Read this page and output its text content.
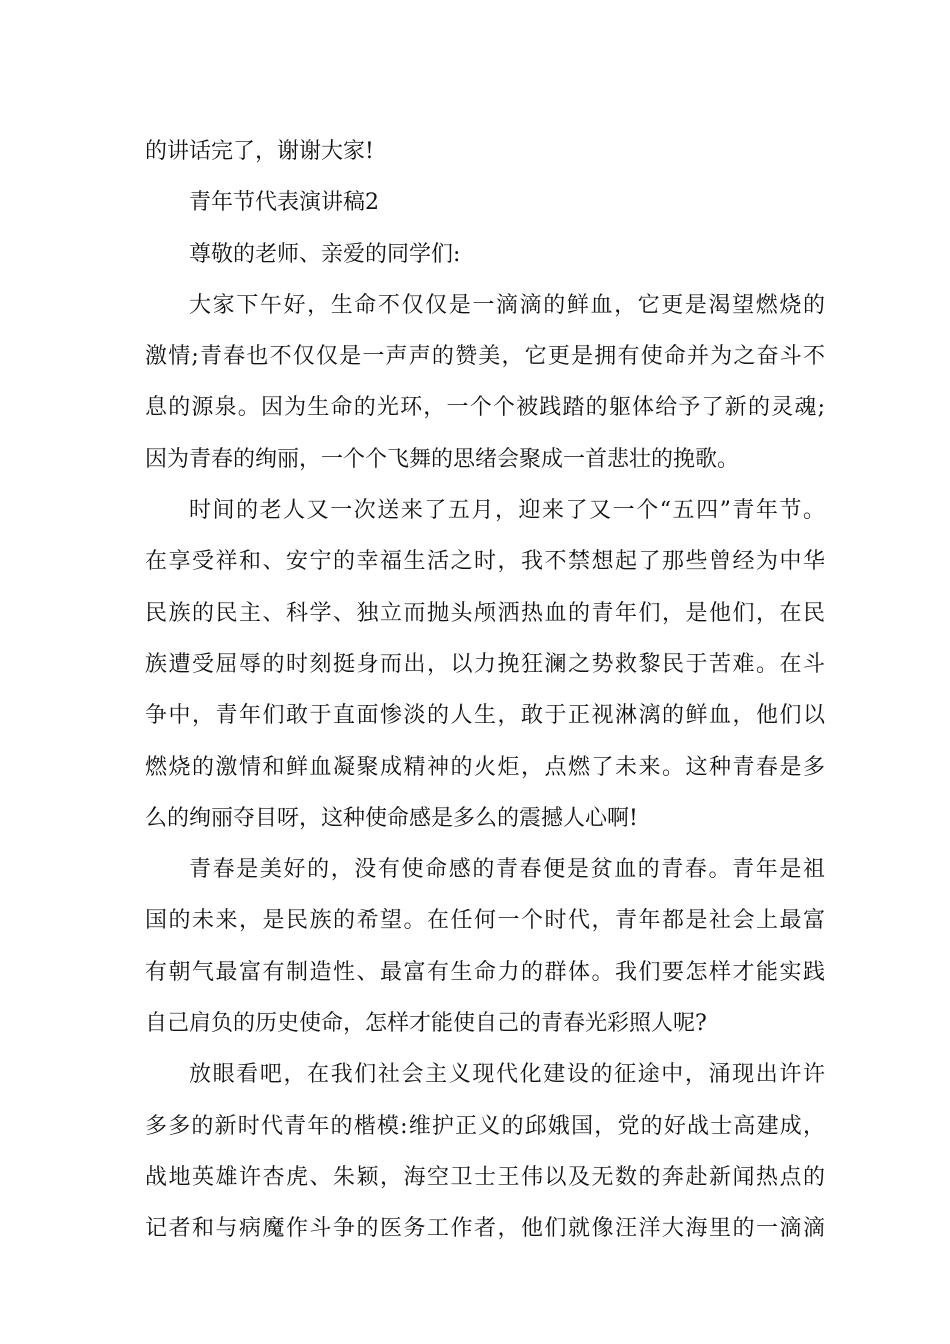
的讲话完了，谢谢大家!
青年节代表演讲稿2
尊敬的老师、亲爱的同学们:
大家下午好，生命不仅仅是一滴滴的鲜血，它更是渴望燃烧的
激情;青春也不仅仅是一声声的赞美，它更是拥有使命并为之奋斗不
息的源泉。因为生命的光环，一个个被践踏的躯体给予了新的灵魂;
因为青春的绚丽，一个个飞舞的思绪会聚成一首悲壮的挽歌。
时间的老人又一次送来了五月，迎来了又一个“五四”青年节。
在享受祥和、安宁的幸福生活之时，我不禁想起了那些曾经为中华
民族的民主、科学、独立而抛头颅洒热血的青年们，是他们，在民
族遭受屈辱的时刻挺身而出，以力挽狂澜之势救黎民于苦难。在斗
争中，青年们敢于直面惨淡的人生，敢于正视淋漓的鲜血，他们以
燃烧的激情和鲜血凝聚成精神的火炬，点燃了未来。这种青春是多
么的绚丽夺目呀，这种使命感是多么的震撼人心啊!
青春是美好的，没有使命感的青春便是贫血的青春。青年是祖
国的未来，是民族的希望。在任何一个时代，青年都是社会上最富
有朝气最富有制造性、最富有生命力的群体。我们要怎样才能实践
自己肩负的历史使命，怎样才能使自己的青春光彩照人呢?
放眼看吧，在我们社会主义现代化建设的征途中，涌现出许许
多多的新时代青年的楷模:维护正义的邱娥国，党的好战士高建成，
战地英雄许杏虎、朱颖，海空卫士王伟以及无数的奔赴新闻热点的
记者和与病魔作斗争的医务工作者，他们就像汪洋大海里的一滴滴
